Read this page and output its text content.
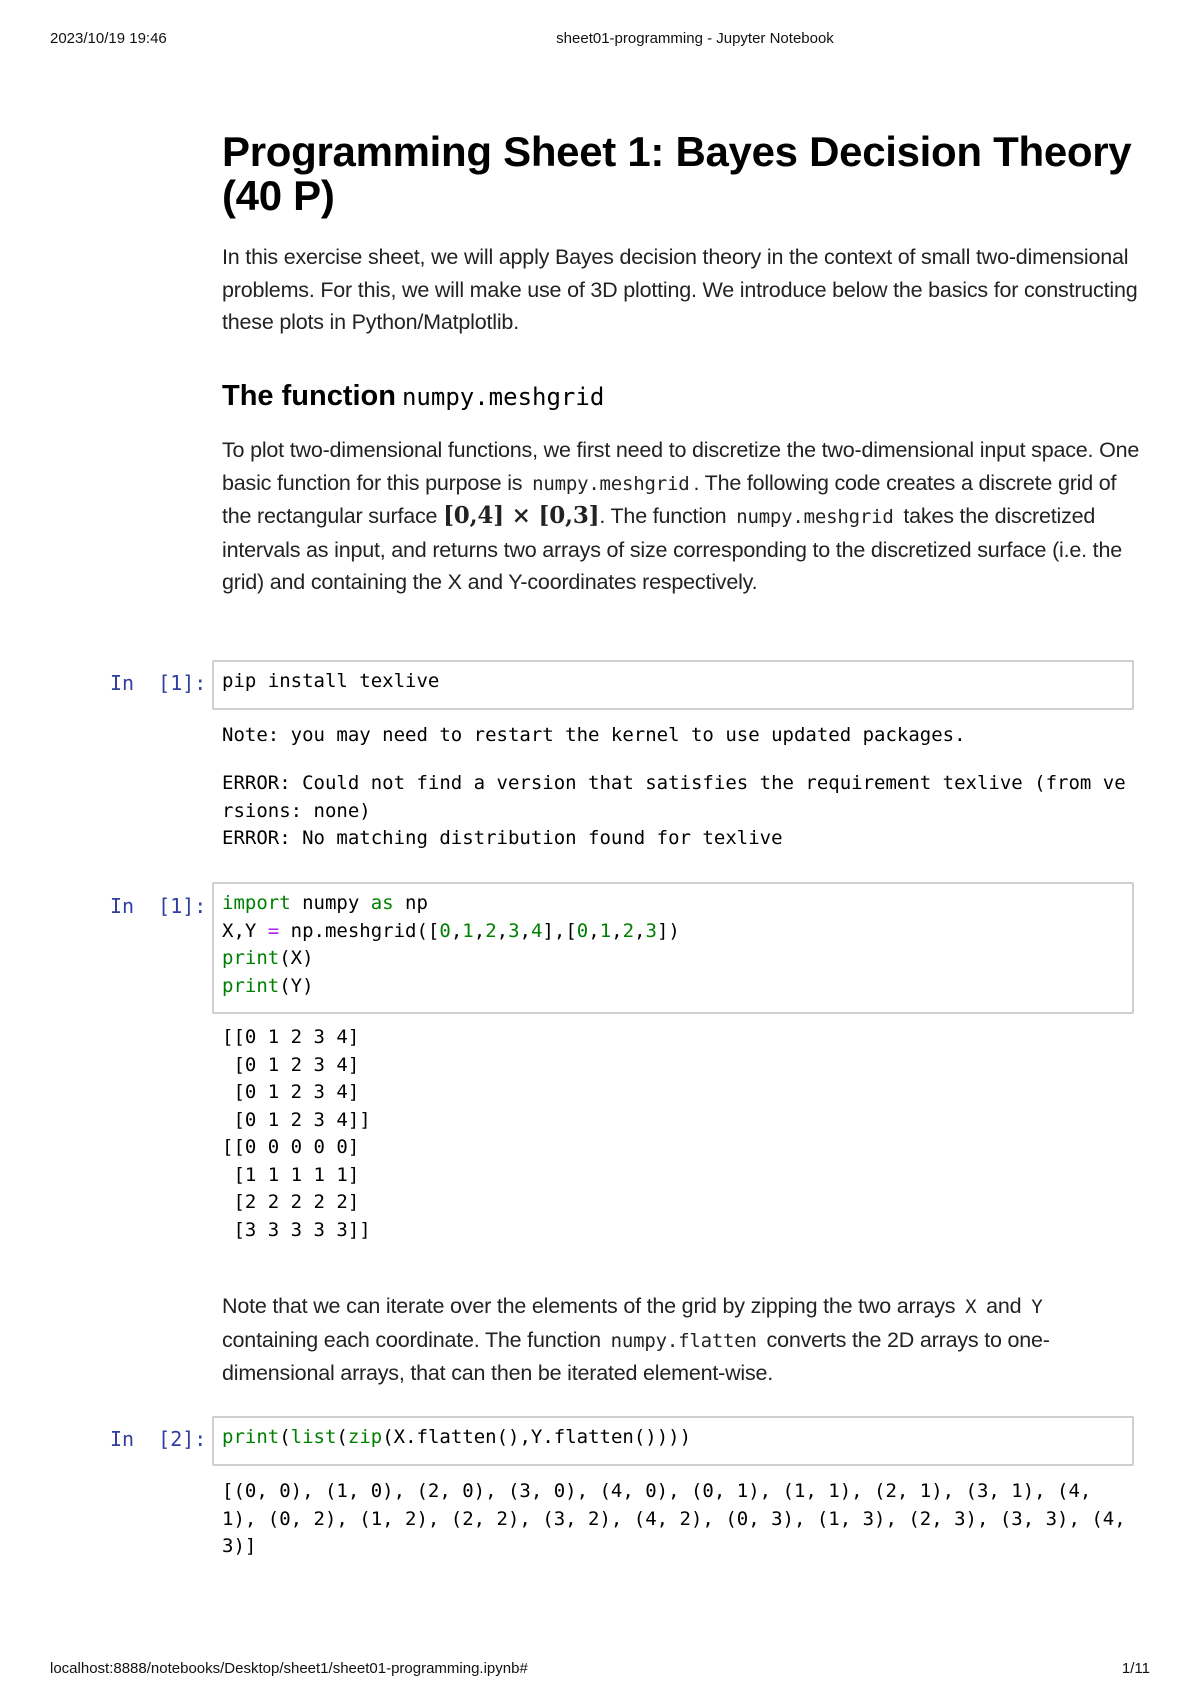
2023/10/19 19:46	sheet01-programming - Jupyter Notebook
Programming Sheet 1: Bayes Decision Theory (40 P)

In this exercise sheet, we will apply Bayes decision theory in the context of small two-dimensional problems. For this, we will make use of 3D plotting. We introduce below the basics for constructing these plots in Python/Matplotlib.

The function numpy.meshgrid

To plot two-dimensional functions, we first need to discretize the two-dimensional input space. One basic function for this purpose is numpy.meshgrid . The following code creates a discrete grid of the rectangular surface [0,4] × [0,3]. The function numpy.meshgrid takes the discretized intervals as input, and returns two arrays of size corresponding to the discretized surface (i.e. the grid) and containing the X and Y-coordinates respectively.

In  [1]: pip install texlive
Note: you may need to restart the kernel to use updated packages.
ERROR: Could not find a version that satisfies the requirement texlive (from versions: none)
ERROR: No matching distribution found for texlive
In  [1]: import numpy as np
X,Y = np.meshgrid([0,1,2,3,4],[0,1,2,3])
print(X)
print(Y)
[[0 1 2 3 4]
[0 1 2 3 4]
[0 1 2 3 4]
[0 1 2 3 4]]
[[0 0 0 0 0]
[1 1 1 1 1]
[2 2 2 2 2]
[3 3 3 3 3]]

Note that we can iterate over the elements of the grid by zipping the two arrays X and Y containing each coordinate. The function numpy.flatten converts the 2D arrays to one-dimensional arrays, that can then be iterated element-wise.

In  [2]: print(list(zip(X.flatten(),Y.flatten())))
[(0, 0), (1, 0), (2, 0), (3, 0), (4, 0), (0, 1), (1, 1), (2, 1), (3, 1), (4, 1), (0, 2), (1, 2), (2, 2), (3, 2), (4, 2), (0, 3), (1, 3), (2, 3), (3, 3), (4, 3)]
localhost:8888/notebooks/Desktop/sheet1/sheet01-programming.ipynb#	1/11
